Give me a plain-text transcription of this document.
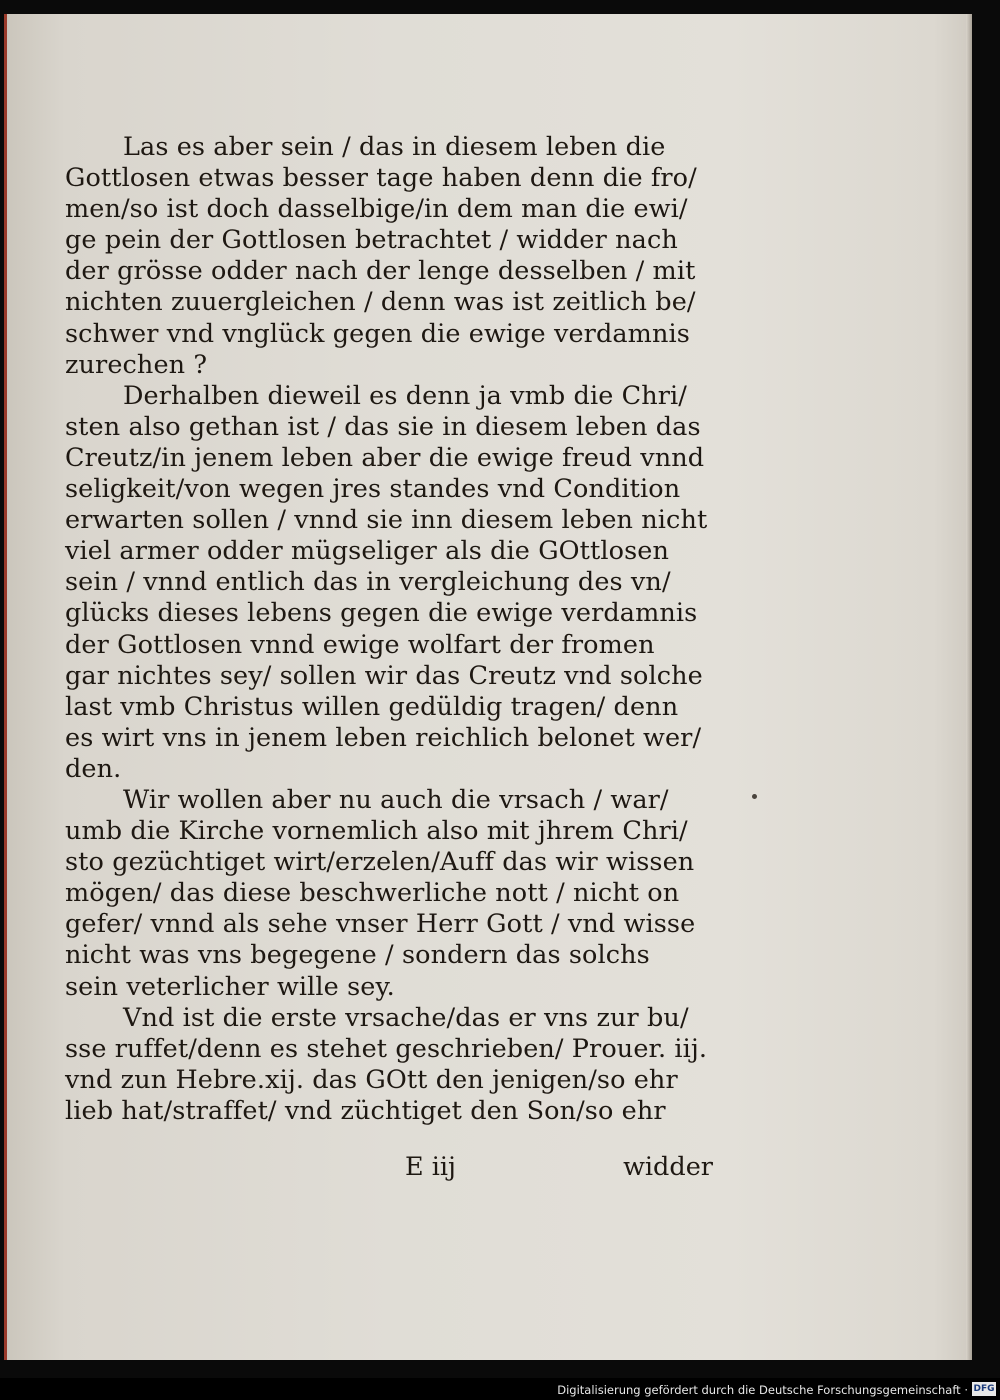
Las es aber sein / das in diesem leben die
Gottlosen etwas besser tage haben denn die fro/
men/so ist doch dasselbige/in dem man die ewi/
ge pein der Gottlosen betrachtet / widder nach
der grösse odder nach der lenge desselben / mit
nichten zuuergleichen / denn was ist zeitlich be/
schwer vnd vnglück gegen die ewige verdamnis
zurechen ?
Derhalben dieweil es denn ja vmb die Chri/
sten also gethan ist / das sie in diesem leben das
Creutz/in jenem leben aber die ewige freud vnnd
seligkeit/von wegen jres standes vnd Condition
erwarten sollen / vnnd sie inn diesem leben nicht
viel armer odder mügseliger als die GOttlosen
sein / vnnd entlich das in vergleichung des vn/
glücks dieses lebens gegen die ewige verdamnis
der Gottlosen vnnd ewige wolfart der fromen
gar nichtes sey/ sollen wir das Creutz vnd solche
last vmb Christus willen gedüldig tragen/ denn
es wirt vns in jenem leben reichlich belonet wer/
den.
Wir wollen aber nu auch die vrsach / war/
umb die Kirche vornemlich also mit jhrem Chri/
sto gezüchtiget wirt/erzelen/Auff das wir wissen
mögen/ das diese beschwerliche nott / nicht on
gefer/ vnnd als sehe vnser Herr Gott / vnd wisse
nicht was vns begegene / sondern das solchs
sein veterlicher wille sey.
Vnd ist die erste vrsache/das er vns zur bu/
sse ruffet/denn es stehet geschrieben/ Prouer. iij.
vnd zun Hebre.xij. das GOtt den jenigen/so ehr
lieb hat/straffet/ vnd züchtiget den Son/so ehr
E iij	widder
Digitalisierung gefördert durch die Deutsche Forschungsgemeinschaft · DFG
